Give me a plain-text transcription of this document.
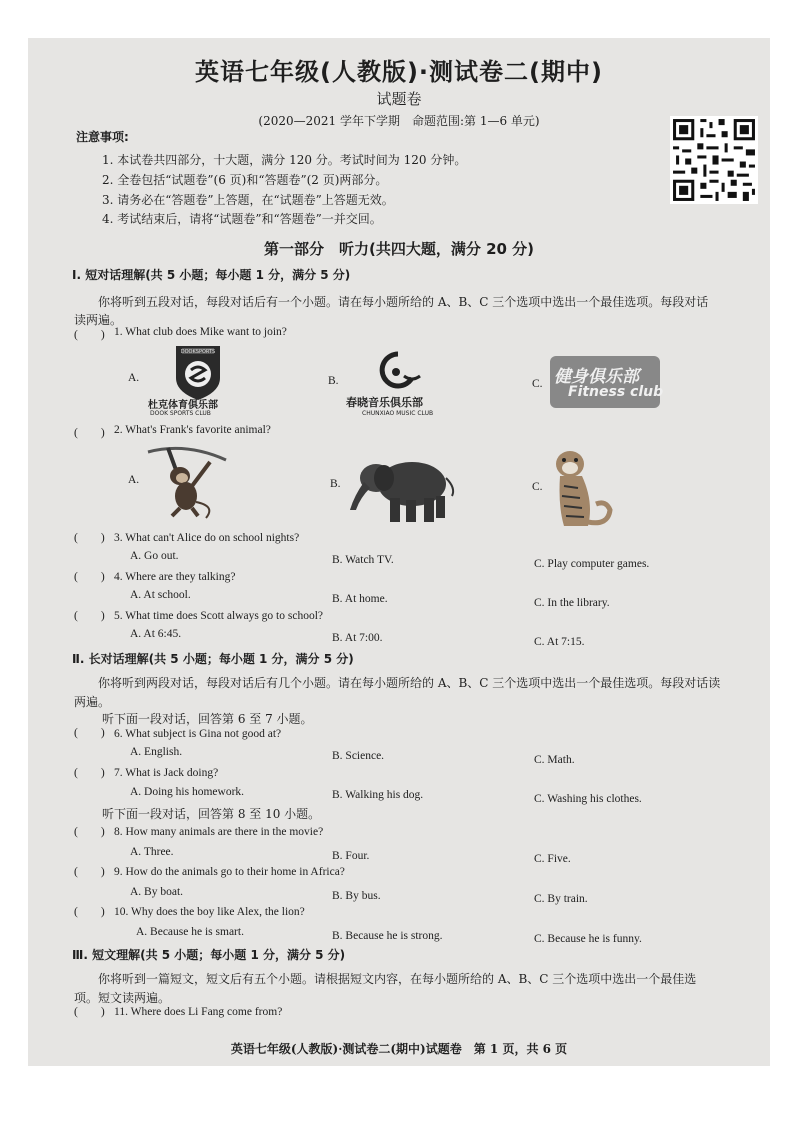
英语七年级(人教版)·测试卷二(期中)
试题卷
(2020—2021 学年下学期　命题范围:第 1—6 单元)
注意事项:
1. 本试卷共四部分，十大题，满分 120 分。考试时间为 120 分钟。
2. 全卷包括“试题卷”(6 页)和“答题卷”(2 页)两部分。
3. 请务必在“答题卷”上答题，在“试题卷”上答题无效。
4. 考试结束后，请将“试题卷”和“答题卷”一并交回。
第一部分　听力(共四大题，满分 20 分)
Ⅰ. 短对话理解(共 5 小题；每小题 1 分，满分 5 分)
你将听到五段对话，每段对话后有一个小题。请在每小题所给的 A、B、C 三个选项中选出一个最佳选项。每段对话
读两遍。
(　　) 1. What club does Mike want to join?
A.	B.	C.
DOOKSPORTS
杜克体育俱乐部
DOOK SPORTS CLUB
春晓音乐俱乐部
CHUNXIAO MUSIC CLUB
健身俱乐部
Fitness club
(　　) 2. What's Frank's favorite animal?
A.	B.	C.
(　　) 3. What can't Alice do on school nights?
A. Go out.	B. Watch TV.	C. Play computer games.
(　　) 4. Where are they talking?
A. At school.	B. At home.	C. In the library.
(　　) 5. What time does Scott always go to school?
A. At 6:45.	B. At 7:00.	C. At 7:15.
Ⅱ. 长对话理解(共 5 小题；每小题 1 分，满分 5 分)
你将听到两段对话，每段对话后有几个小题。请在每小题所给的 A、B、C 三个选项中选出一个最佳选项。每段对话读
两遍。
听下面一段对话，回答第 6 至 7 小题。
(　　) 6. What subject is Gina not good at?
A. English.	B. Science.	C. Math.
(　　) 7. What is Jack doing?
A. Doing his homework.	B. Walking his dog.	C. Washing his clothes.
听下面一段对话，回答第 8 至 10 小题。
(　　) 8. How many animals are there in the movie?
A. Three.	B. Four.	C. Five.
(　　) 9. How do the animals go to their home in Africa?
A. By boat.	B. By bus.	C. By train.
(　　) 10. Why does the boy like Alex, the lion?
A. Because he is smart.	B. Because he is strong.	C. Because he is funny.
Ⅲ. 短文理解(共 5 小题；每小题 1 分，满分 5 分)
你将听到一篇短文，短文后有五个小题。请根据短文内容，在每小题所给的 A、B、C 三个选项中选出一个最佳选
项。短文读两遍。
(　　) 11. Where does Li Fang come from?
英语七年级(人教版)·测试卷二(期中)试题卷　第 1 页，共 6 页
